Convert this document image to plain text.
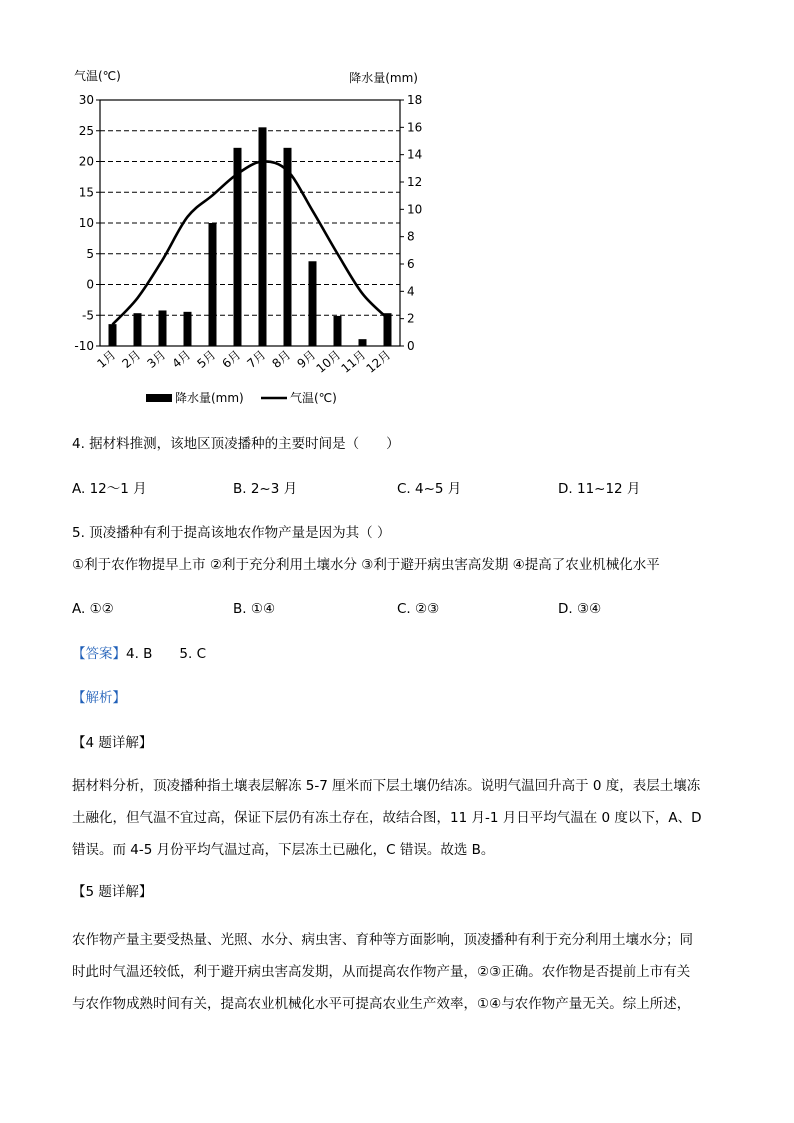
气温(℃)	降水量(mm)
30
25
20
15
10
5
0
-5
-10
18
16
14
12
10
8
6
4
2
0
1月 2月 3月 4月 5月 6月 7月 8月 9月
10月
11月
12月
降水量(mm)	气温(℃)
4. 据材料推测，该地区顶凌播种的主要时间是（　　）
A. 12～1 月	B. 2~3 月	C. 4~5 月	D. 11~12 月
5. 顶凌播种有利于提高该地农作物产量是因为其（ ）
①利于农作物提早上市 ②利于充分利用土壤水分 ③利于避开病虫害高发期 ④提高了农业机械化水平
A. ①②	B. ①④	C. ②③	D. ③④
【答案】4. B　　5. C
【解析】
【4 题详解】
据材料分析，顶凌播种指土壤表层解冻 5-7 厘米而下层土壤仍结冻。说明气温回升高于 0 度，表层土壤冻
土融化，但气温不宜过高，保证下层仍有冻土存在，故结合图，11 月-1 月日平均气温在 0 度以下，A、D
错误。而 4-5 月份平均气温过高，下层冻土已融化，C 错误。故选 B。
【5 题详解】
农作物产量主要受热量、光照、水分、病虫害、育种等方面影响，顶凌播种有利于充分利用土壤水分；同
时此时气温还较低，利于避开病虫害高发期，从而提高农作物产量，②③正确。农作物是否提前上市有关
与农作物成熟时间有关，提高农业机械化水平可提高农业生产效率，①④与农作物产量无关。综上所述，
